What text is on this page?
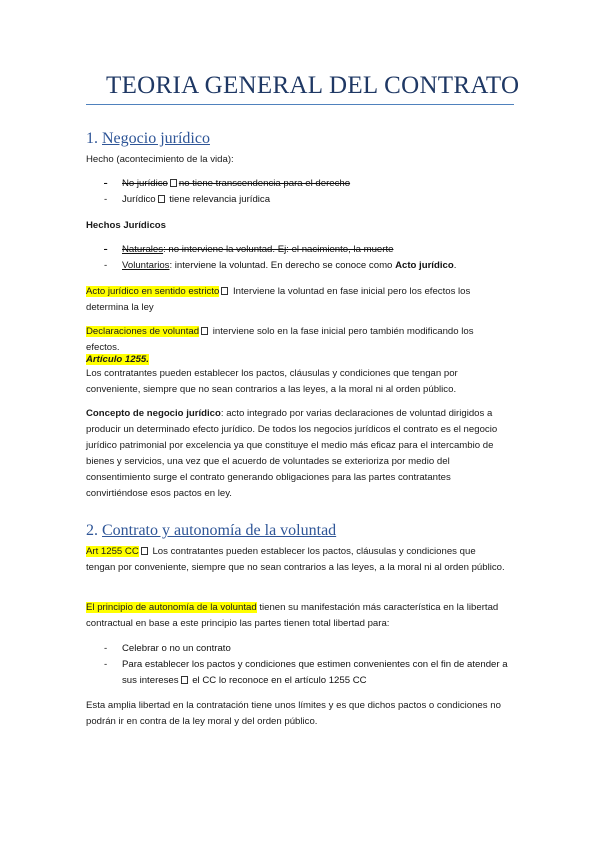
TEORIA GENERAL DEL CONTRATO
1. Negocio jurídico
Hecho (acontecimiento de la vida):
- No jurídico no tiene transcendencia para el derecho
- Jurídico tiene relevancia jurídica
Hechos Jurídicos
- Naturales: no interviene la voluntad. Ej: el nacimiento, la muerte
- Voluntarios: interviene la voluntad. En derecho se conoce como Acto jurídico.
Acto jurídico en sentido estricto Interviene la voluntad en fase inicial pero los efectos los determina la ley
Declaraciones de voluntad interviene solo en la fase inicial pero también modificando los efectos.
Artículo 1255.
Los contratantes pueden establecer los pactos, cláusulas y condiciones que tengan por conveniente, siempre que no sean contrarios a las leyes, a la moral ni al orden público.
Concepto de negocio jurídico: acto integrado por varias declaraciones de voluntad dirigidos a producir un determinado efecto jurídico. De todos los negocios jurídicos el contrato es el negocio jurídico patrimonial por excelencia ya que constituye el medio más eficaz para el intercambio de bienes y servicios, una vez que el acuerdo de voluntades se exterioriza por medio del consentimiento surge el contrato generando obligaciones para las partes contratantes convirtiéndose esos pactos en ley.
2. Contrato y autonomía de la voluntad
Art 1255 CC Los contratantes pueden establecer los pactos, cláusulas y condiciones que tengan por conveniente, siempre que no sean contrarios a las leyes, a la moral ni al orden público.
El principio de autonomía de la voluntad tienen su manifestación más característica en la libertad contractual en base a este principio las partes tienen total libertad para:
- Celebrar o no un contrato
-	Para establecer los pactos y condiciones que estimen convenientes con el fin de atender a sus intereses el CC lo reconoce en el artículo 1255 CC
Esta amplia libertad en la contratación tiene unos límites y es que dichos pactos o condiciones no podrán ir en contra de la ley moral y del orden público.
